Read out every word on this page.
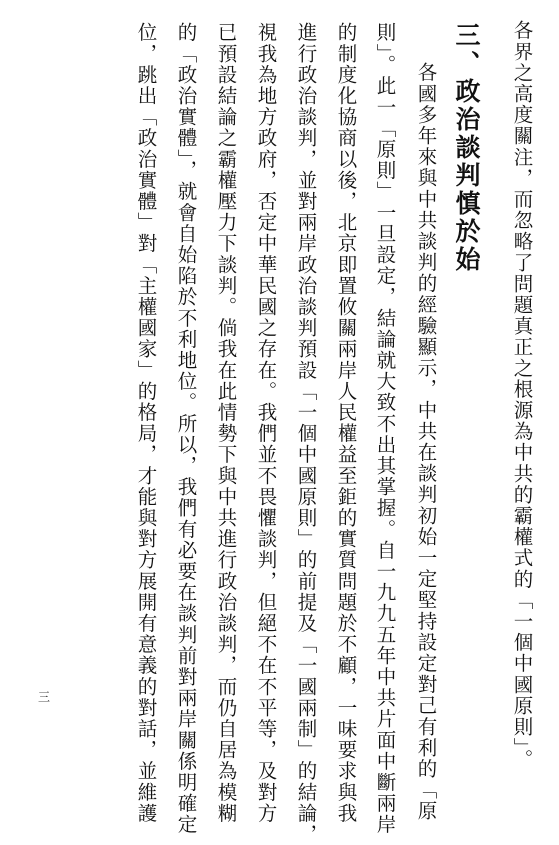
各界之高度關注，而忽略了問題真正之根源為中共的霸權式的「一個中國原則」。
三、政治談判慎於始
各國多年來與中共談判的經驗顯示，中共在談判初始一定堅持設定對己有利的「原
則」。此一「原則」一旦設定，結論就大致不出其掌握。自一九九五年中共片面中斷兩岸
的制度化協商以後，北京即置攸關兩岸人民權益至鉅的實質問題於不顧，一味要求與我
進行政治談判，並對兩岸政治談判預設「一個中國原則」的前提及「一國兩制」的結論，
視我為地方政府，否定中華民國之存在。我們並不畏懼談判，但絕不在不平等，及對方
已預設結論之霸權壓力下談判。倘我在此情勢下與中共進行政治談判，而仍自居為模糊
的「政治實體」，就會自始陷於不利地位。所以，我們有必要在談判前對兩岸關係明確定
位，跳出「政治實體」對「主權國家」的格局，才能與對方展開有意義的對話，並維護
三
